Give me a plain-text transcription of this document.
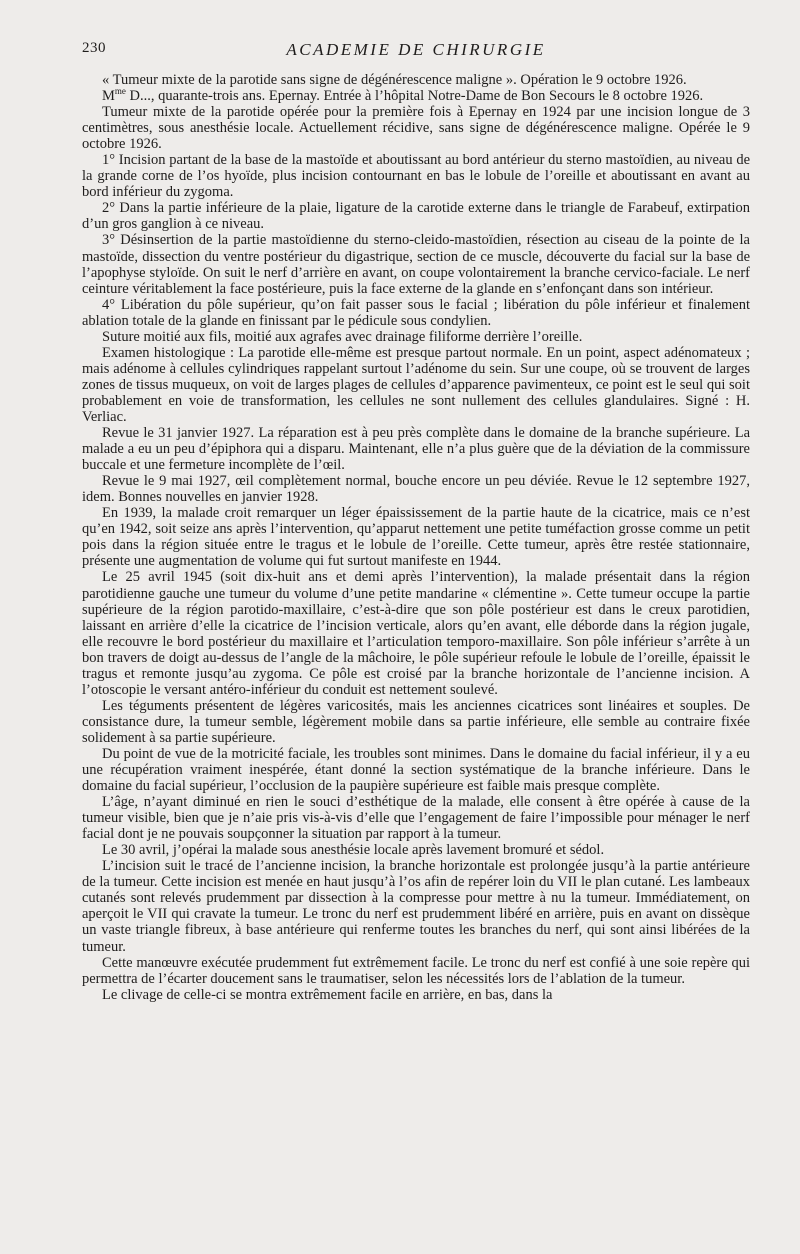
230	ACADEMIE DE CHIRURGIE

« Tumeur mixte de la parotide sans signe de dégénérescence maligne ». Opération le 9 octobre 1926.

$M^{me}$ D..., quarante-trois ans. Epernay. Entrée à l’hôpital Notre-Dame de Bon Secours le 8 octobre 1926.

Tumeur mixte de la parotide opérée pour la première fois à Epernay en 1924 par une incision longue de 3 centimètres, sous anesthésie locale. Actuellement récidive, sans signe de dégénérescence maligne. Opérée le 9 octobre 1926.

1° Incision partant de la base de la mastoïde et aboutissant au bord antérieur du sterno mastoïdien, au niveau de la grande corne de l’os hyoïde, plus incision contournant en bas le lobule de l’oreille et aboutissant en avant au bord inférieur du zygoma.

2° Dans la partie inférieure de la plaie, ligature de la carotide externe dans le triangle de Farabeuf, extirpation d’un gros ganglion à ce niveau.

3° Désinsertion de la partie mastoïdienne du sterno-cleido-mastoïdien, résection au ciseau de la pointe de la mastoïde, dissection du ventre postérieur du digastrique, section de ce muscle, découverte du facial sur la base de l’apophyse styloïde. On suit le nerf d’arrière en avant, on coupe volontairement la branche cervico-faciale. Le nerf ceinture véritablement la face postérieure, puis la face externe de la glande en s’enfonçant dans son intérieur.

4° Libération du pôle supérieur, qu’on fait passer sous le facial ; libération du pôle inférieur et finalement ablation totale de la glande en finissant par le pédicule sous condylien.

Suture moitié aux fils, moitié aux agrafes avec drainage filiforme derrière l’oreille.

Examen histologique : La parotide elle-même est presque partout normale. En un point, aspect adénomateux ; mais adénome à cellules cylindriques rappelant surtout l’adénome du sein. Sur une coupe, où se trouvent de larges zones de tissus muqueux, on voit de larges plages de cellules d’apparence pavimenteux, ce point est le seul qui soit probablement en voie de transformation, les cellules ne sont nullement des cellules glandulaires. Signé : H. Verliac.

Revue le 31 janvier 1927. La réparation est à peu près complète dans le domaine de la branche supérieure. La malade a eu un peu d’épiphora qui a disparu. Maintenant, elle n’a plus guère que de la déviation de la commissure buccale et une fermeture incomplète de l’œil.

Revue le 9 mai 1927, œil complètement normal, bouche encore un peu déviée. Revue le 12 septembre 1927, idem. Bonnes nouvelles en janvier 1928.

En 1939, la malade croit remarquer un léger épaississement de la partie haute de la cicatrice, mais ce n’est qu’en 1942, soit seize ans après l’intervention, qu’apparut nettement une petite tuméfaction grosse comme un petit pois dans la région située entre le tragus et le lobule de l’oreille. Cette tumeur, après être restée stationnaire, présente une augmentation de volume qui fut surtout manifeste en 1944.

Le 25 avril 1945 (soit dix-huit ans et demi après l’intervention), la malade présentait dans la région parotidienne gauche une tumeur du volume d’une petite mandarine « clémentine ». Cette tumeur occupe la partie supérieure de la région parotido-maxillaire, c’est-à-dire que son pôle postérieur est dans le creux parotidien, laissant en arrière d’elle la cicatrice de l’incision verticale, alors qu’en avant, elle déborde dans la région jugale, elle recouvre le bord postérieur du maxillaire et l’articulation temporo-maxillaire. Son pôle inférieur s’arrête à un bon travers de doigt au-dessus de l’angle de la mâchoire, le pôle supérieur refoule le lobule de l’oreille, épaissit le tragus et remonte jusqu’au zygoma. Ce pôle est croisé par la branche horizontale de l’ancienne incision. A l’otoscopie le versant antéro-inférieur du conduit est nettement soulevé.

Les téguments présentent de légères varicosités, mais les anciennes cicatrices sont linéaires et souples. De consistance dure, la tumeur semble, légèrement mobile dans sa partie inférieure, elle semble au contraire fixée solidement à sa partie supérieure.

Du point de vue de la motricité faciale, les troubles sont minimes. Dans le domaine du facial inférieur, il y a eu une récupération vraiment inespérée, étant donné la section systématique de la branche inférieure. Dans le domaine du facial supérieur, l’occlusion de la paupière supérieure est faible mais presque complète.

L’âge, n’ayant diminué en rien le souci d’esthétique de la malade, elle consent à être opérée à cause de la tumeur visible, bien que je n’aie pris vis-à-vis d’elle que l’engagement de faire l’impossible pour ménager le nerf facial dont je ne pouvais soupçonner la situation par rapport à la tumeur.

Le 30 avril, j’opérai la malade sous anesthésie locale après lavement bromuré et sédol.

L’incision suit le tracé de l’ancienne incision, la branche horizontale est prolongée jusqu’à la partie antérieure de la tumeur. Cette incision est menée en haut jusqu’à l’os afin de repérer loin du VII le plan cutané. Les lambeaux cutanés sont relevés prudemment par dissection à la compresse pour mettre à nu la tumeur. Immédiatement, on aperçoit le VII qui cravate la tumeur. Le tronc du nerf est prudemment libéré en arrière, puis en avant on dissèque un vaste triangle fibreux, à base antérieure qui renferme toutes les branches du nerf, qui sont ainsi libérées de la tumeur.

Cette manœuvre exécutée prudemment fut extrêmement facile. Le tronc du nerf est confié à une soie repère qui permettra de l’écarter doucement sans le traumatiser, selon les nécessités lors de l’ablation de la tumeur.

Le clivage de celle-ci se montra extrêmement facile en arrière, en bas, dans la
